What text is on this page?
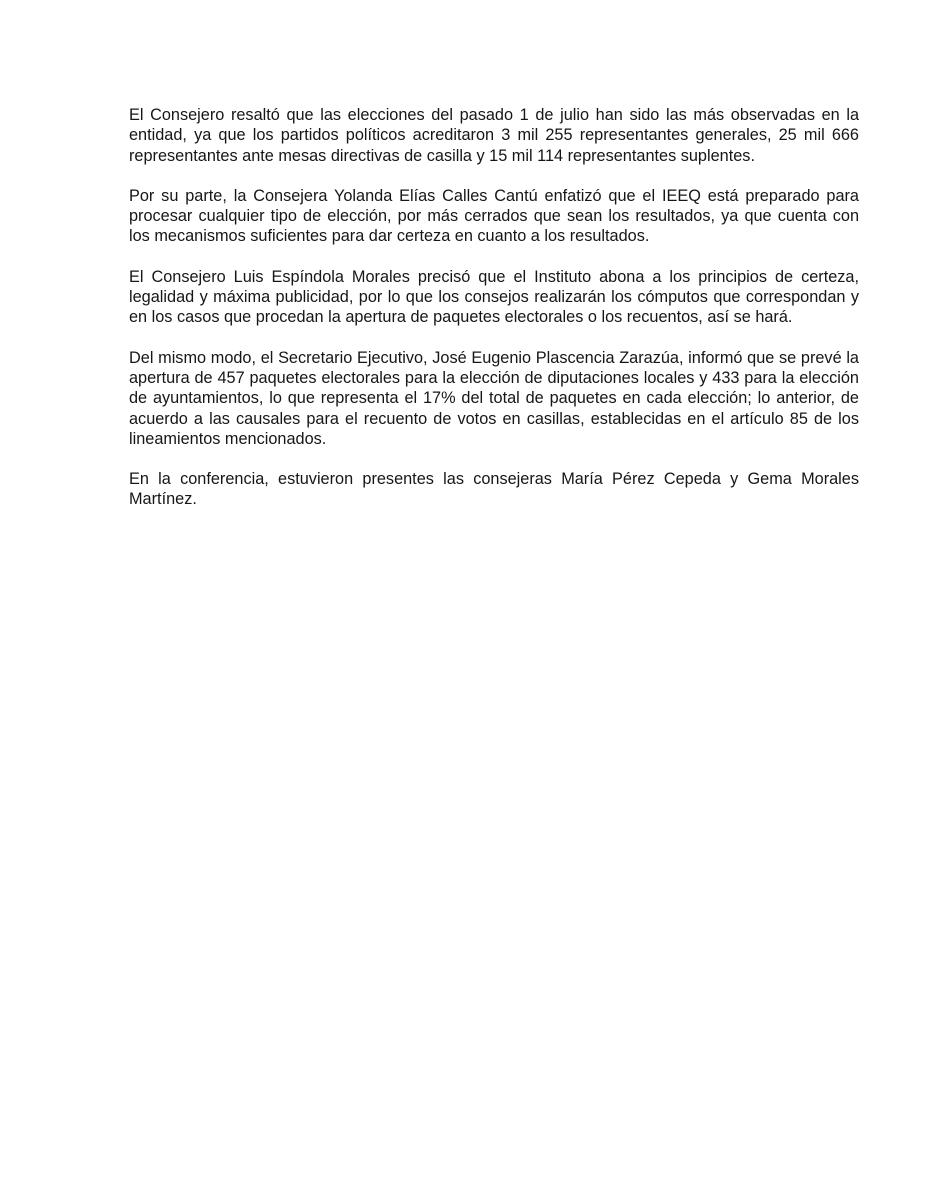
El Consejero resaltó que las elecciones del pasado 1 de julio han sido las más observadas en la entidad, ya que los partidos políticos acreditaron 3 mil 255 representantes generales, 25 mil 666 representantes ante mesas directivas de casilla y 15 mil 114 representantes suplentes.

Por su parte, la Consejera Yolanda Elías Calles Cantú enfatizó que el IEEQ está preparado para procesar cualquier tipo de elección, por más cerrados que sean los resultados, ya que cuenta con los mecanismos suficientes para dar certeza en cuanto a los resultados.

El Consejero Luis Espíndola Morales precisó que el Instituto abona a los principios de certeza, legalidad y máxima publicidad, por lo que los consejos realizarán los cómputos que correspondan y en los casos que procedan la apertura de paquetes electorales o los recuentos, así se hará.

Del mismo modo, el Secretario Ejecutivo, José Eugenio Plascencia Zarazúa, informó que se prevé la apertura de 457 paquetes electorales para la elección de diputaciones locales y 433 para la elección de ayuntamientos, lo que representa el 17% del total de paquetes en cada elección; lo anterior, de acuerdo a las causales para el recuento de votos en casillas, establecidas en el artículo 85 de los lineamientos mencionados.

En la conferencia, estuvieron presentes las consejeras María Pérez Cepeda y Gema Morales Martínez.
